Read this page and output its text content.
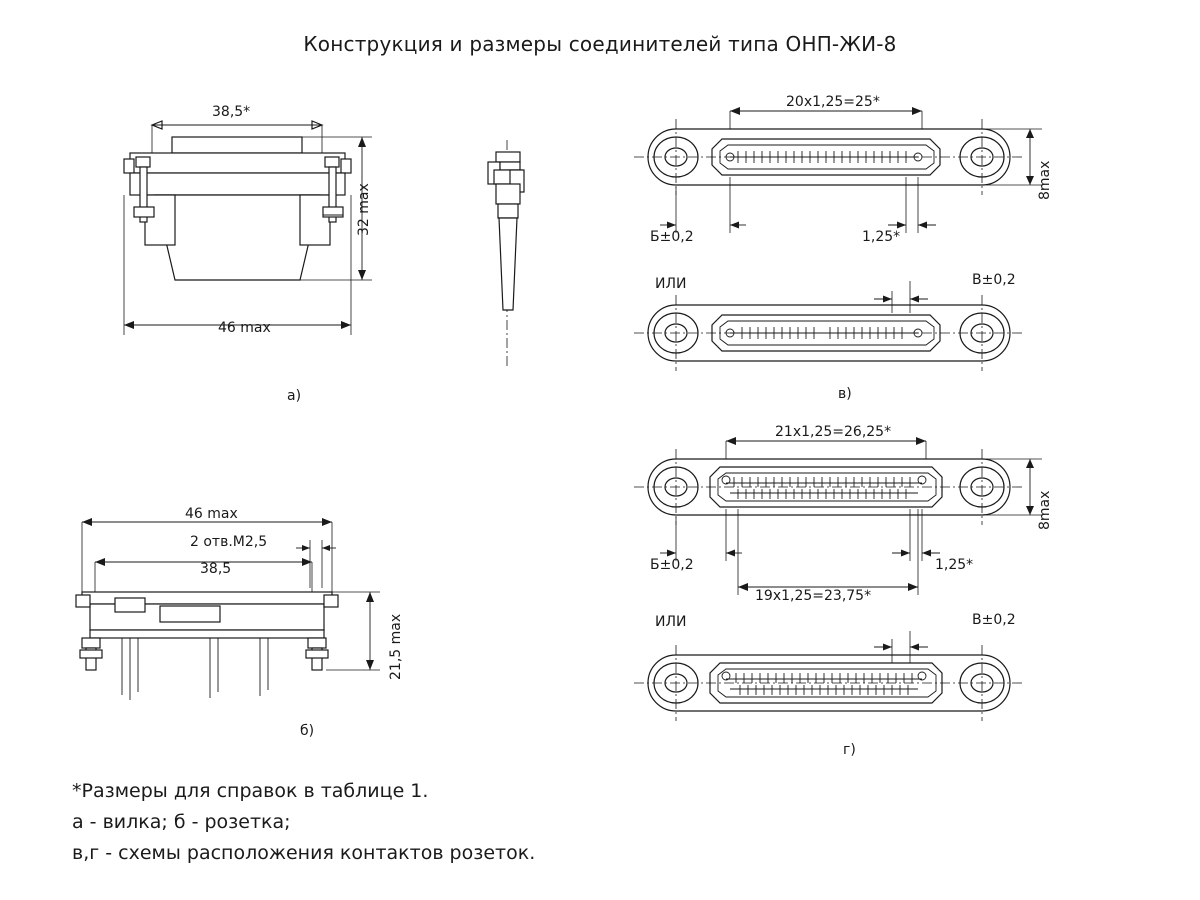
Конструкция и размеры соединителей типа ОНП-ЖИ-8
38,5*
32 max
46 max
а)
46 max
2 отв.М2,5
38,5
21,5 max
б)
20х1,25=25*
8max
Б±0,2	1,25*
ИЛИ	В±0,2
в)
21х1,25=26,25*
8max
Б±0,2	1,25*
19х1,25=23,75*
ИЛИ	В±0,2
г)
*Размеры для справок в таблице 1.
а - вилка; б - розетка;
в,г - схемы расположения контактов розеток.
